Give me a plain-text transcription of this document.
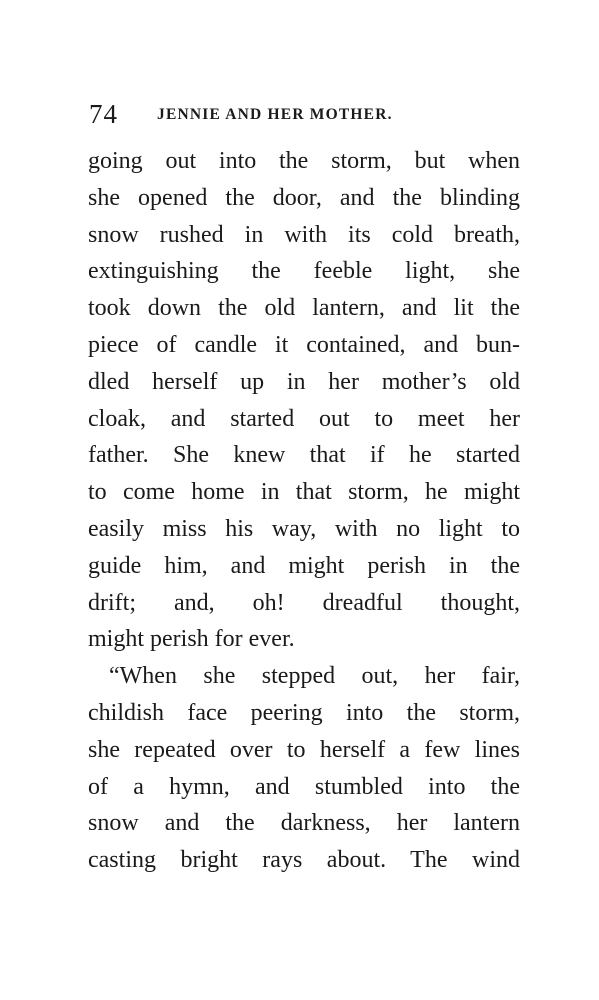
74	JENNIE AND HER MOTHER.
going out into the storm, but when
she opened the door, and the blinding
snow rushed in with its cold breath,
extinguishing the feeble light, she
took down the old lantern, and lit the
piece of candle it contained, and bun-
dled herself up in her mother’s old
cloak, and started out to meet her
father. She knew that if he started
to come home in that storm, he might
easily miss his way, with no light to
guide him, and might perish in the
drift; and, oh! dreadful thought,
might perish for ever.
“When she stepped out, her fair,
childish face peering into the storm,
she repeated over to herself a few lines
of a hymn, and stumbled into the
snow and the darkness, her lantern
casting bright rays about. The wind
